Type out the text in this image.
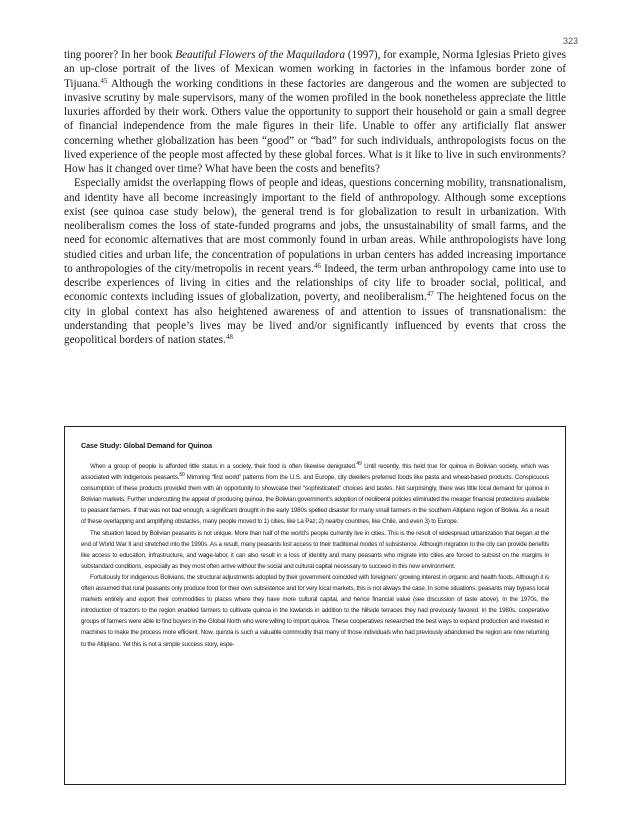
323

ting poorer? In her book Beautiful Flowers of the Maquiladora (1997), for example, Norma Iglesias Prieto gives an up-close portrait of the lives of Mexican women working in factories in the infamous border zone of Tijuana.$^{45}$ Although the working conditions in these factories are dangerous and the women are subjected to invasive scrutiny by male supervisors, many of the women profiled in the book nonetheless appreciate the little luxuries afforded by their work. Others value the opportunity to support their household or gain a small degree of financial independence from the male figures in their life. Unable to offer any artificially flat answer concerning whether globalization has been “good” or “bad” for such individuals, anthropologists focus on the lived experience of the people most affected by these global forces. What is it like to live in such environments? How has it changed over time? What have been the costs and benefits?

Especially amidst the overlapping flows of people and ideas, questions concerning mobility, transnationalism, and identity have all become increasingly important to the field of anthropology. Although some exceptions exist (see quinoa case study below), the general trend is for globalization to result in urbanization. With neoliberalism comes the loss of state-funded programs and jobs, the unsustainability of small farms, and the need for economic alternatives that are most commonly found in urban areas. While anthropologists have long studied cities and urban life, the concentration of populations in urban centers has added increasing importance to anthropologies of the city/metropolis in recent years.$^{46}$ Indeed, the term urban anthropology came into use to describe experiences of living in cities and the relationships of city life to broader social, political, and economic contexts including issues of globalization, poverty, and neoliberalism.$^{47}$ The heightened focus on the city in global context has also heightened awareness of and attention to issues of transnationalism: the understanding that people’s lives may be lived and/or significantly influenced by events that cross the geopolitical borders of nation states.$^{48}$

Case Study: Global Demand for Quinoa

When a group of people is afforded little status in a society, their food is often likewise denigrated.$^{49}$ Until recently, this held true for quinoa in Bolivian society, which was associated with indigenous peasants.$^{50}$ Mirroring “first world” patterns from the U.S. and Europe, city dwellers preferred foods like pasta and wheat-based products. Conspicuous consumption of these products provided them with an opportunity to showcase their “sophisticated” choices and tastes. Not surprisingly, there was little local demand for quinoa in Bolivian markets. Further undercutting the appeal of producing quinoa, the Bolivian government’s adoption of neoliberal policies eliminated the meager financial protections available to peasant farmers. If that was not bad enough, a significant drought in the early 1980s spelled disaster for many small farmers in the southern Altiplano region of Bolivia. As a result of these overlapping and amplifying obstacles, many people moved to 1) cities, like La Paz; 2) nearby countries, like Chile, and even 3) to Europe.

The situation faced by Bolivian peasants is not unique. More than half of the world’s people currently live in cities. This is the result of widespread urbanization that began at the end of World War II and stretched into the 1990s. As a result, many peasants lost access to their traditional modes of subsistence. Although migration to the city can provide benefits like access to education, infrastructure, and wage-labor, it can also result in a loss of identity and many peasants who migrate into cities are forced to subsist on the margins in substandard conditions, especially as they most often arrive without the social and cultural capital necessary to succeed in this new environment.

Fortuitously for indigenous Bolivians, the structural adjustments adopted by their government coincided with foreigners’ growing interest in organic and health foods. Although it is often assumed that rural peasants only produce food for their own subsistence and for very local markets, this is not always the case. In some situations, peasants may bypass local markets entirely and export their commodities to places where they have more cultural capital, and hence financial value (see discussion of taste above). In the 1970s, the introduction of tractors to the region enabled farmers to cultivate quinoa in the lowlands in addition to the hillside terraces they had previously favored. In the 1980s, cooperative groups of farmers were able to find buyers in the Global North who were willing to import quinoa. These cooperatives researched the best ways to expand production and invested in machines to make the process more efficient. Now, quinoa is such a valuable commodity that many of those individuals who had previously abandoned the region are now returning to the Altiplano. Yet this is not a simple success story, espe-
